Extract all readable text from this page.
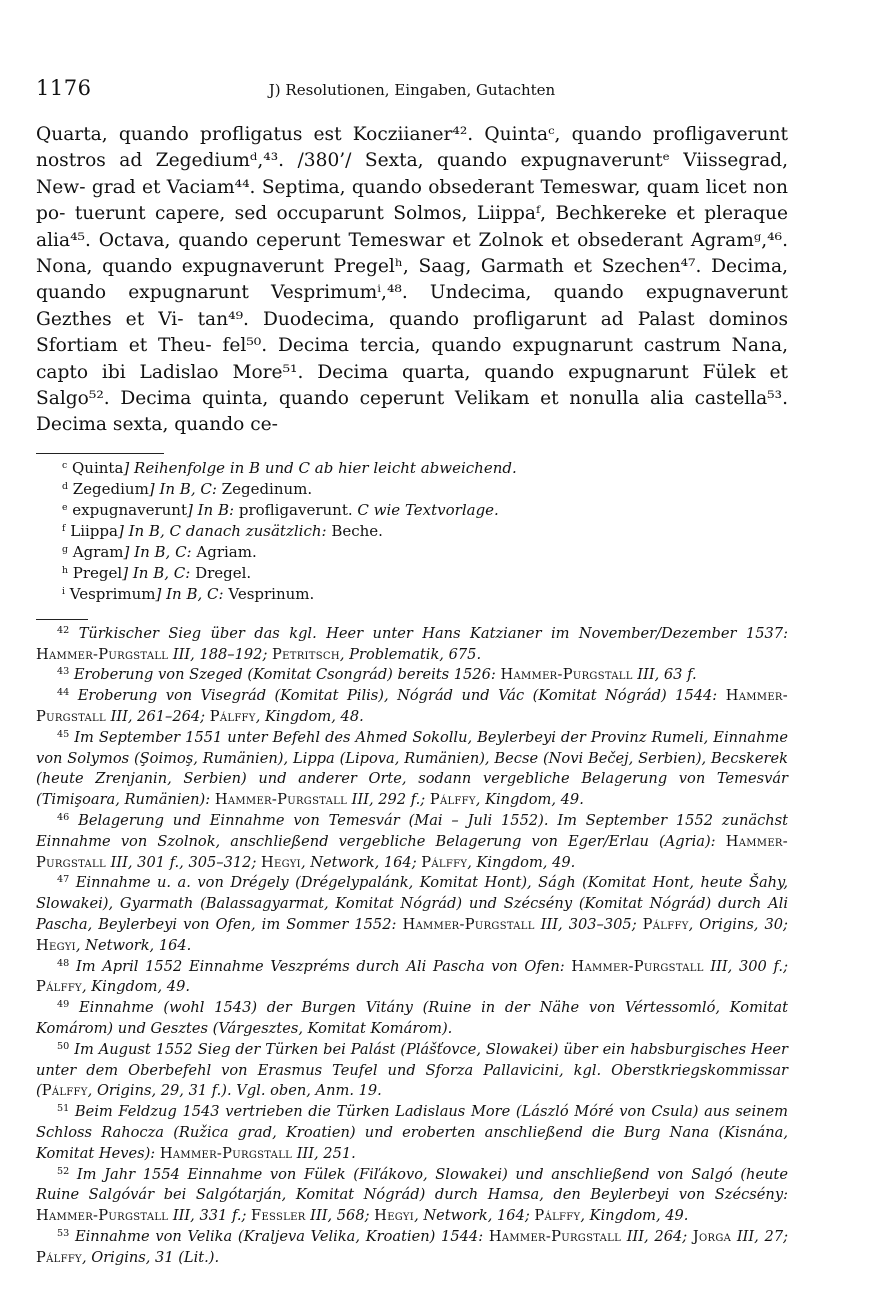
1176	J) Resolutionen, Eingaben, Gutachten

Quarta, quando profligatus est Kocziianer⁴². Quintaᶜ, quando profligaverunt nostros ad Zegediumᵈ,⁴³. /380’/ Sexta, quando expugnaveruntᵉ Viissegrad, New- grad et Vaciam⁴⁴. Septima, quando obsederant Temeswar, quam licet non po- tuerunt capere, sed occuparunt Solmos, Liippaᶠ, Bechkereke et pleraque alia⁴⁵. Octava, quando ceperunt Temeswar et Zolnok et obsederant Agramᵍ,⁴⁶. Nona, quando expugnaverunt Pregelʰ, Saag, Garmath et Szechen⁴⁷. Decima, quando expugnarunt Vesprimumⁱ,⁴⁸. Undecima, quando expugnaverunt Gezthes et Vi- tan⁴⁹. Duodecima, quando profligarunt ad Palast dominos Sfortiam et Theu- fel⁵⁰. Decima tercia, quando expugnarunt castrum Nana, capto ibi Ladislao More⁵¹. Decima quarta, quando expugnarunt Fülek et Salgo⁵². Decima quinta, quando ceperunt Velikam et nonulla alia castella⁵³. Decima sexta, quando ce-

$^c$ Quinta] Reihenfolge in B und C ab hier leicht abweichend.
$^d$ Zegedium] In B, C: Zegedinum.
$^e$ expugnaverunt] In B: profligaverunt. C wie Textvorlage.
$^f$ Liippa] In B, C danach zusätzlich: Beche.
$^g$ Agram] In B, C: Agriam.
$^h$ Pregel] In B, C: Dregel.
$^i$ Vesprimum] In B, C: Vesprinum.

$^{42}$ Türkischer Sieg über das kgl. Heer unter Hans Katzianer im November/Dezember 1537: Hammer-Purgstall III, 188–192; Petritsch, Problematik, 675.

$^{43}$ Eroberung von Szeged (Komitat Csongrád) bereits 1526: Hammer-Purgstall III, 63 f.

$^{44}$ Eroberung von Visegrád (Komitat Pilis), Nógrád und Vác (Komitat Nógrád) 1544: Hammer-Purgstall III, 261–264; Pálffy, Kingdom, 48.

$^{45}$ Im September 1551 unter Befehl des Ahmed Sokollu, Beylerbeyi der Provinz Rumeli, Einnahme von Solymos (Şoimoş, Rumänien), Lippa (Lipova, Rumänien), Becse (Novi Bečej, Serbien), Becskerek (heute Zrenjanin, Serbien) und anderer Orte, sodann vergebliche Belagerung von Temesvár (Timişoara, Rumänien): Hammer-Purgstall III, 292 f.; Pálffy, Kingdom, 49.

$^{46}$ Belagerung und Einnahme von Temesvár (Mai – Juli 1552). Im September 1552 zunächst Einnahme von Szolnok, anschließend vergebliche Belagerung von Eger/Erlau (Agria): Hammer-Purgstall III, 301 f., 305–312; Hegyi, Network, 164; Pálffy, Kingdom, 49.

$^{47}$ Einnahme u. a. von Drégely (Drégelypalánk, Komitat Hont), Ságh (Komitat Hont, heute Šahy, Slowakei), Gyarmath (Balassagyarmat, Komitat Nógrád) und Szécsény (Komitat Nógrád) durch Ali Pascha, Beylerbeyi von Ofen, im Sommer 1552: Hammer-Purgstall III, 303–305; Pálffy, Origins, 30; Hegyi, Network, 164.

$^{48}$ Im April 1552 Einnahme Veszpréms durch Ali Pascha von Ofen: Hammer-Purgstall III, 300 f.; Pálffy, Kingdom, 49.

$^{49}$ Einnahme (wohl 1543) der Burgen Vitány (Ruine in der Nähe von Vértessomló, Komitat Komárom) und Gesztes (Várgesztes, Komitat Komárom).

$^{50}$ Im August 1552 Sieg der Türken bei Palást (Plášťovce, Slowakei) über ein habsburgisches Heer unter dem Oberbefehl von Erasmus Teufel und Sforza Pallavicini, kgl. Oberstkriegskommissar (Pálffy, Origins, 29, 31 f.). Vgl. oben, Anm. 19.

$^{51}$ Beim Feldzug 1543 vertrieben die Türken Ladislaus More (László Móré von Csula) aus seinem Schloss Rahocza (Ružica grad, Kroatien) und eroberten anschließend die Burg Nana (Kisnána, Komitat Heves): Hammer-Purgstall III, 251.

$^{52}$ Im Jahr 1554 Einnahme von Fülek (Fiľákovo, Slowakei) und anschließend von Salgó (heute Ruine Salgóvár bei Salgótarján, Komitat Nógrád) durch Hamsa, den Beylerbeyi von Szécsény: Hammer-Purgstall III, 331 f.; Fessler III, 568; Hegyi, Network, 164; Pálffy, Kingdom, 49.

$^{53}$ Einnahme von Velika (Kraljeva Velika, Kroatien) 1544: Hammer-Purgstall III, 264; Jorga III, 27; Pálffy, Origins, 31 (Lit.).
